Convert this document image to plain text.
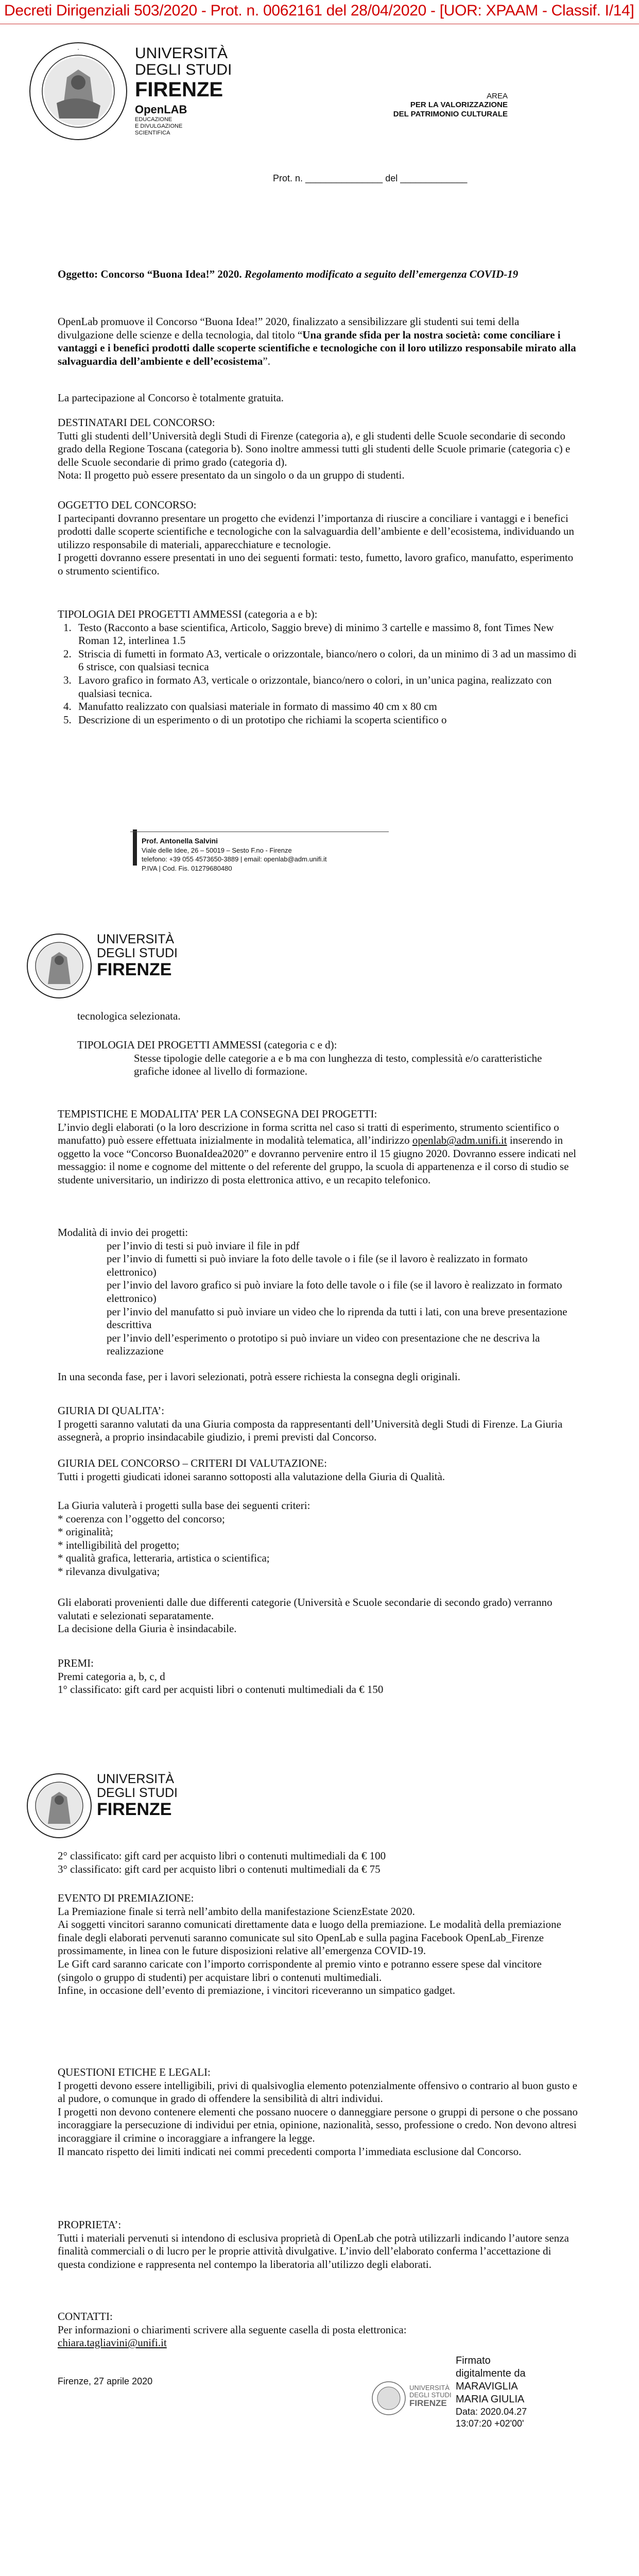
Decreti Dirigenziali 503/2020 - Prot. n. 0062161 del 28/04/2020 - [UOR: XPAAM - Classif. I/14]
·	UNIVERSITÀ
DEGLI STUDI
FIRENZE
OpenLAB
EDUCAZIONE
E DIVULGAZIONE
SCIENTIFICA
AREA
PER LA VALORIZZAZIONE
DEL PATRIMONIO CULTURALE
Prot. n. _______________ del _____________

Oggetto: Concorso “Buona Idea!” 2020. Regolamento modificato a seguito dell’emergenza COVID-19

OpenLab promuove il Concorso “Buona Idea!” 2020, finalizzato a sensibilizzare gli studenti sui temi della divulgazione delle scienze e della tecnologia, dal titolo “Una grande sfida per la nostra società: come conciliare i vantaggi e i benefici prodotti dalle scoperte scientifiche e tecnologiche con il loro utilizzo responsabile mirato alla salvaguardia dell’ambiente e dell’ecosistema”.

La partecipazione al Concorso è totalmente gratuita.

DESTINATARI DEL CONCORSO:

Tutti gli studenti dell’Università degli Studi di Firenze (categoria a), e gli studenti delle Scuole secondarie di secondo grado della Regione Toscana (categoria b). Sono inoltre ammessi tutti gli studenti delle Scuole primarie (categoria c) e delle Scuole secondarie di primo grado (categoria d).

Nota: Il progetto può essere presentato da un singolo o da un gruppo di studenti.

OGGETTO DEL CONCORSO:

I partecipanti dovranno presentare un progetto che evidenzi l’importanza di riuscire a conciliare i vantaggi e i benefici prodotti dalle scoperte scientifiche e tecnologiche con la salvaguardia dell’ambiente e dell’ecosistema, individuando un utilizzo responsabile di materiali, apparecchiature e tecnologie.

I progetti dovranno essere presentati in uno dei seguenti formati: testo, fumetto, lavoro grafico, manufatto, esperimento o strumento scientifico.

TIPOLOGIA DEI PROGETTI AMMESSI (categoria a e b):

1. Testo (Racconto a base scientifica, Articolo, Saggio breve) di minimo 3 cartelle e massimo 8, font Times New Roman 12, interlinea 1.5
2. Striscia di fumetti in formato A3, verticale o orizzontale, bianco/nero o colori, da un minimo di 3 ad un massimo di 6 strisce, con qualsiasi tecnica
3. Lavoro grafico in formato A3, verticale o orizzontale, bianco/nero o colori, in un’unica pagina, realizzato con qualsiasi tecnica.
4. Manufatto realizzato con qualsiasi materiale in formato di massimo 40 cm x 80 cm
5. Descrizione di un esperimento o di un prototipo che richiami la scoperta scientifico o
Prof. Antonella Salvini
Viale delle Idee, 26 – 50019 – Sesto F.no - Firenze
telefono: +39 055 4573650-3889 | email: openlab@adm.unifi.it
P.IVA | Cod. Fis. 01279680480
UNIVERSITÀ
DEGLI STUDI
FIRENZE
tecnologica selezionata.

TIPOLOGIA DEI PROGETTI AMMESSI (categoria c e d):

Stesse tipologie delle categorie a e b ma con lunghezza di testo, complessità e/o caratteristiche grafiche idonee al livello di formazione.

TEMPISTICHE E MODALITA’ PER LA CONSEGNA DEI PROGETTI:

L’invio degli elaborati (o la loro descrizione in forma scritta nel caso si tratti di esperimento, strumento scientifico o manufatto) può essere effettuata inizialmente in modalità telematica, all’indirizzo openlab@adm.unifi.it inserendo in oggetto la voce “Concorso BuonaIdea2020” e dovranno pervenire entro il 15 giugno 2020. Dovranno essere indicati nel messaggio: il nome e cognome del mittente o del referente del gruppo, la scuola di appartenenza e il corso di studio se studente universitario, un indirizzo di posta elettronica attivo, e un recapito telefonico.

Modalità di invio dei progetti:

per l’invio di testi si può inviare il file in pdf

per l’invio di fumetti si può inviare la foto delle tavole o i file (se il lavoro è realizzato in formato elettronico)

per l’invio del lavoro grafico si può inviare la foto delle tavole o i file (se il lavoro è realizzato in formato elettronico)

per l’invio del manufatto si può inviare un video che lo riprenda da tutti i lati, con una breve presentazione descrittiva

per l’invio dell’esperimento o prototipo si può inviare un video con presentazione che ne descriva la realizzazione

In una seconda fase, per i lavori selezionati, potrà essere richiesta la consegna degli originali.

GIURIA DI QUALITA’:

I progetti saranno valutati da una Giuria composta da rappresentanti dell’Università degli Studi di Firenze. La Giuria assegnerà, a proprio insindacabile giudizio, i premi previsti dal Concorso.

GIURIA DEL CONCORSO – CRITERI DI VALUTAZIONE:

Tutti i progetti giudicati idonei saranno sottoposti alla valutazione della Giuria di Qualità.

La Giuria valuterà i progetti sulla base dei seguenti criteri:

* coerenza con l’oggetto del concorso;

* originalità;

* intelligibilità del progetto;

* qualità grafica, letteraria, artistica o scientifica;

* rilevanza divulgativa;

Gli elaborati provenienti dalle due differenti categorie (Università e Scuole secondarie di secondo grado) verranno valutati e selezionati separatamente.

La decisione della Giuria è insindacabile.

PREMI:

Premi categoria a, b, c, d

1° classificato: gift card per acquisti libri o contenuti multimediali da € 150

UNIVERSITÀ
DEGLI STUDI
FIRENZE

2° classificato: gift card per acquisto libri o contenuti multimediali da € 100

3° classificato: gift card per acquisto libri o contenuti multimediali da € 75

EVENTO DI PREMIAZIONE:

La Premiazione finale si terrà nell’ambito della manifestazione ScienzEstate 2020.

Ai soggetti vincitori saranno comunicati direttamente data e luogo della premiazione. Le modalità della premiazione finale degli elaborati pervenuti saranno comunicate sul sito OpenLab e sulla pagina Facebook OpenLab_Firenze prossimamente, in linea con le future disposizioni relative all’emergenza COVID-19.

Le Gift card saranno caricate con l’importo corrispondente al premio vinto e potranno essere spese dal vincitore (singolo o gruppo di studenti) per acquistare libri o contenuti multimediali.

Infine, in occasione dell’evento di premiazione, i vincitori riceveranno un simpatico gadget.

QUESTIONI ETICHE E LEGALI:

I progetti devono essere intelligibili, privi di qualsivoglia elemento potenzialmente offensivo o contrario al buon gusto e al pudore, o comunque in grado di offendere la sensibilità di altri individui.

I progetti non devono contenere elementi che possano nuocere o danneggiare persone o gruppi di persone o che possano incoraggiare la persecuzione di individui per etnia, opinione, nazionalità, sesso, professione o credo. Non devono altresi incoraggiare il crimine o incoraggiare a infrangere la legge.

Il mancato rispetto dei limiti indicati nei commi precedenti comporta l’immediata esclusione dal Concorso.

PROPRIETA’:

Tutti i materiali pervenuti si intendono di esclusiva proprietà di OpenLab che potrà utilizzarli indicando l’autore senza finalità commerciali o di lucro per le proprie attività divulgative. L’invio dell’elaborato conferma l’accettazione di questa condizione e rappresenta nel contempo la liberatoria all’utilizzo degli elaborati.

CONTATTI:

Per informazioni o chiarimenti scrivere alla seguente casella di posta elettronica:

chiara.tagliavini@unifi.it

Firenze, 27 aprile 2020
UNIVERSITÀ
DEGLI STUDI
FIRENZE
Firmato
digitalmente da
MARAVIGLIA
MARIA GIULIA
Data: 2020.04.27
13:07:20 +02'00'
